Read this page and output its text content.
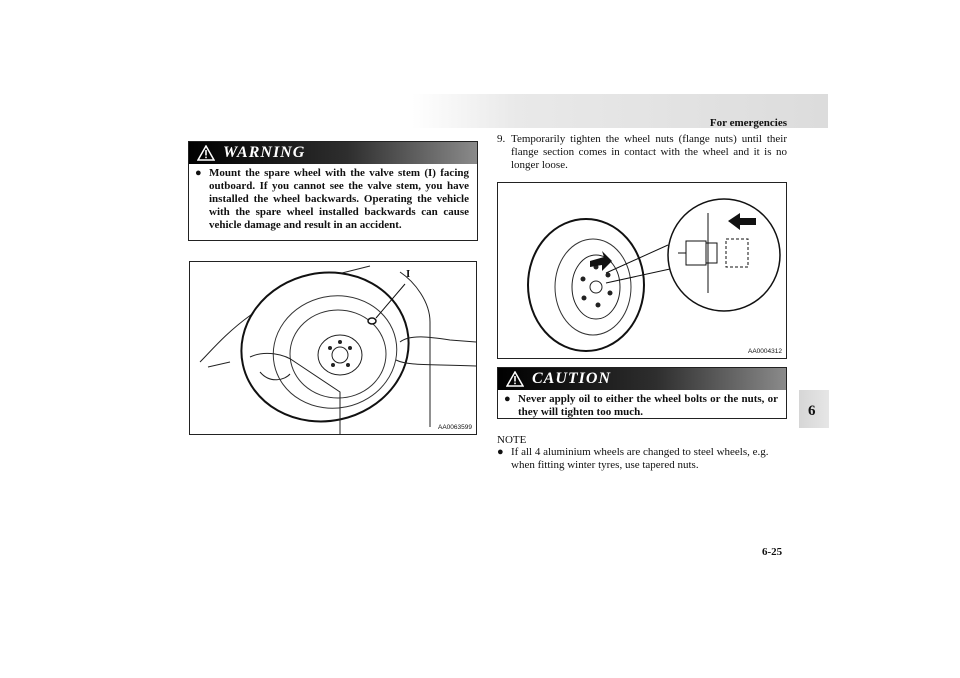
For emergencies
6
WARNING
● Mount the spare wheel with the valve stem (I) facing outboard. If you cannot see the valve stem, you have installed the wheel backwards. Operating the vehicle with the spare wheel installed backwards can cause vehicle damage and result in an accident.
I
AA0063599
9. Temporarily tighten the wheel nuts (flange nuts) until their flange section comes in contact with the wheel and it is no longer loose.
AA0004312
CAUTION
● Never apply oil to either the wheel bolts or the nuts, or they will tighten too much.
NOTE
● If all 4 aluminium wheels are changed to steel wheels, e.g. when fitting winter tyres, use tapered nuts.
6-25
